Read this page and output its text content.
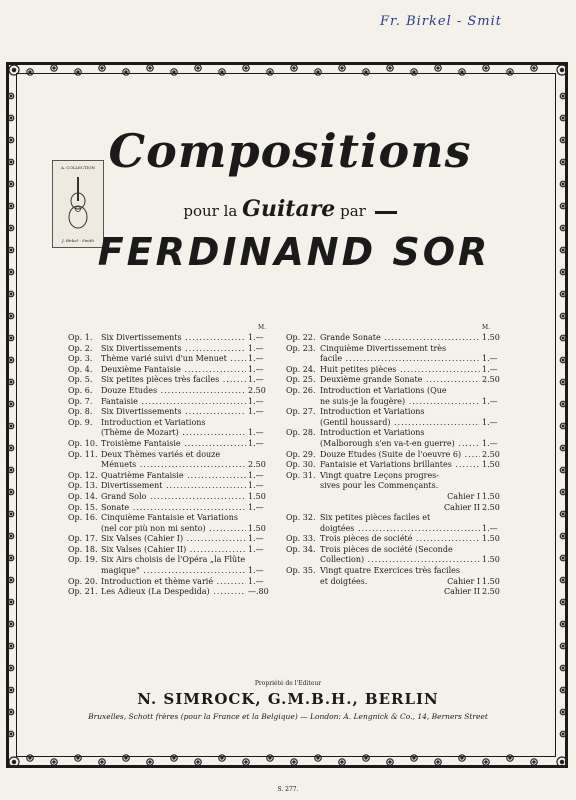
Fr. Birkel - Smit
A. COLLECTION
J. Birkel - Smith
Compositions
pour la Guitare par
FERDINAND SOR
M.	M.
Op. 1. Six Divertissements .....	1.—
Op. 2. Six Divertissements .....	1.—
Op. 3. Thème varié suivi d'un Menuet .....	1.—
Op. 4. Deuxième Fantaisie .....	1.—
Op. 5. Six petites pièces très faciles .....	1.—
Op. 6. Douze Etudes .....	2.50
Op. 7. Fantaisie .....	1.—
Op. 8. Six Divertissements .....	1.—
Op. 9. Introduction et Variations
(Thème de Mozart) .....	1.—
Op. 10. Troisième Fantaisie .....	1.—
Op. 11. Deux Thèmes variés et douze
Ménuets .....	2.50
Op. 12. Quatrième Fantaisie .....	1.—
Op. 13. Divertissement .....	1.—
Op. 14. Grand Solo .....	1.50
Op. 15. Sonate .....	1.—
Op. 16. Cinquième Fantaisie et Variations
(nel cor più non mi sento) .....	1.50
Op. 17. Six Valses (Cahier I) .....	1.—
Op. 18. Six Valses (Cahier II) .....	1.—
Op. 19. Six Airs choisis de l'Opéra „la Flûte
magique" .....	1.—
Op. 20. Introduction et thème varié .....	1.—
Op. 21. Les Adieux (La Despedida) .....	—.80
Op. 22. Grande Sonate .....	1.50
Op. 23. Cinquième Divertissement très
facile .....	1.—
Op. 24. Huit petites pièces .....	1.—
Op. 25. Deuxième grande Sonate .....	2.50
Op. 26. Introduction et Variations (Que
ne suis-je la fougère) .....	1.—
Op. 27. Introduction et Variations
(Gentil houssard) .....	1.—
Op. 28. Introduction et Variations
(Malborough s'en va-t-en guerre) .....	1.—
Op. 29. Douze Etudes (Suite de l'oeuvre 6) .....	2.50
Op. 30. Fantaisie et Variations brillantes .....	1.50
Op. 31. Vingt quatre Leçons progres-
sives pour les Commençants.
Cahier I 1.50
Cahier II 2.50
Op. 32. Six petites pièces faciles et
doigtées .....	1.—
Op. 33. Trois pièces de société .....	1.50
Op. 34. Trois pièces de société (Seconde
Collection) .....	1.50
Op. 35. Vingt quatre Exercices très faciles
et doigtées.	Cahier I 1.50
Cahier II 2.50
Propriété de l'Editeur
N. SIMROCK, G.M.B.H., BERLIN
Bruxelles, Schott frères (pour la France et la Belgique) — London: A. Lengnick & Co., 14, Berners Street
S. 277.
